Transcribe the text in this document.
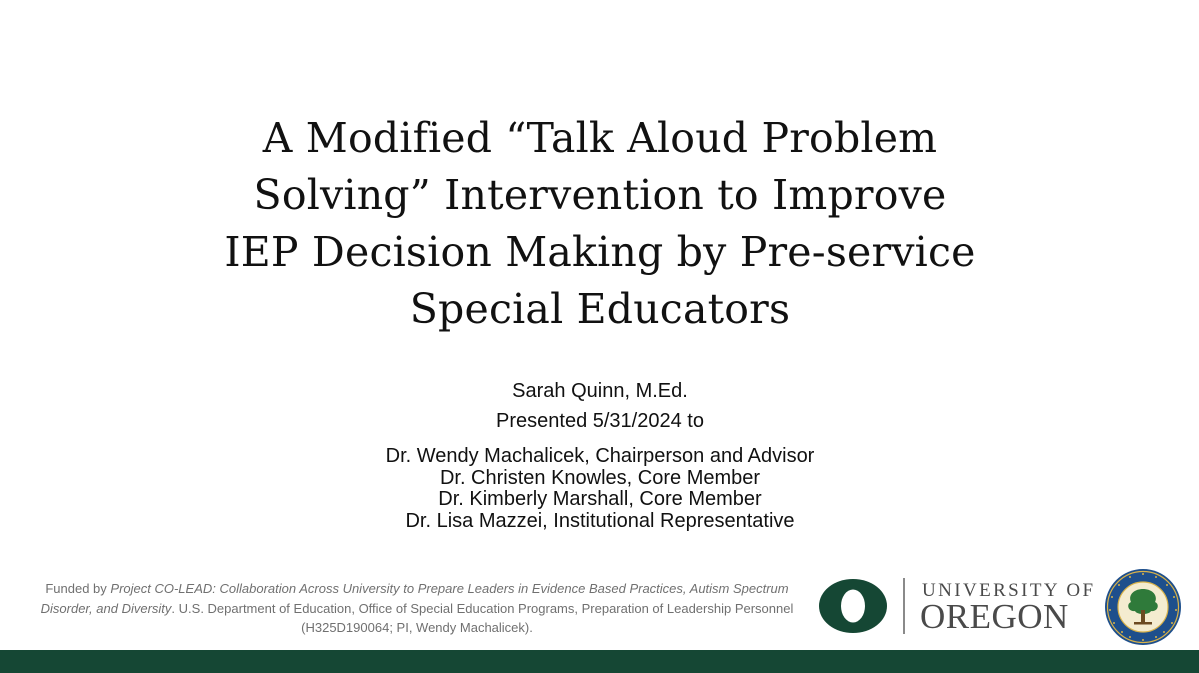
A Modified “Talk Aloud Problem
Solving” Intervention to Improve
IEP Decision Making by Pre-service
Special Educators
Sarah Quinn, M.Ed.
Presented 5/31/2024 to
Dr. Wendy Machalicek, Chairperson and Advisor
Dr. Christen Knowles, Core Member
Dr. Kimberly Marshall, Core Member
Dr. Lisa Mazzei, Institutional Representative
Funded by Project CO-LEAD: Collaboration Across University to Prepare Leaders in Evidence Based Practices, Autism Spectrum Disorder, and Diversity. U.S. Department of Education, Office of Special Education Programs, Preparation of Leadership Personnel (H325D190064; PI, Wendy Machalicek).
UNIVERSITY OF
OREGON
